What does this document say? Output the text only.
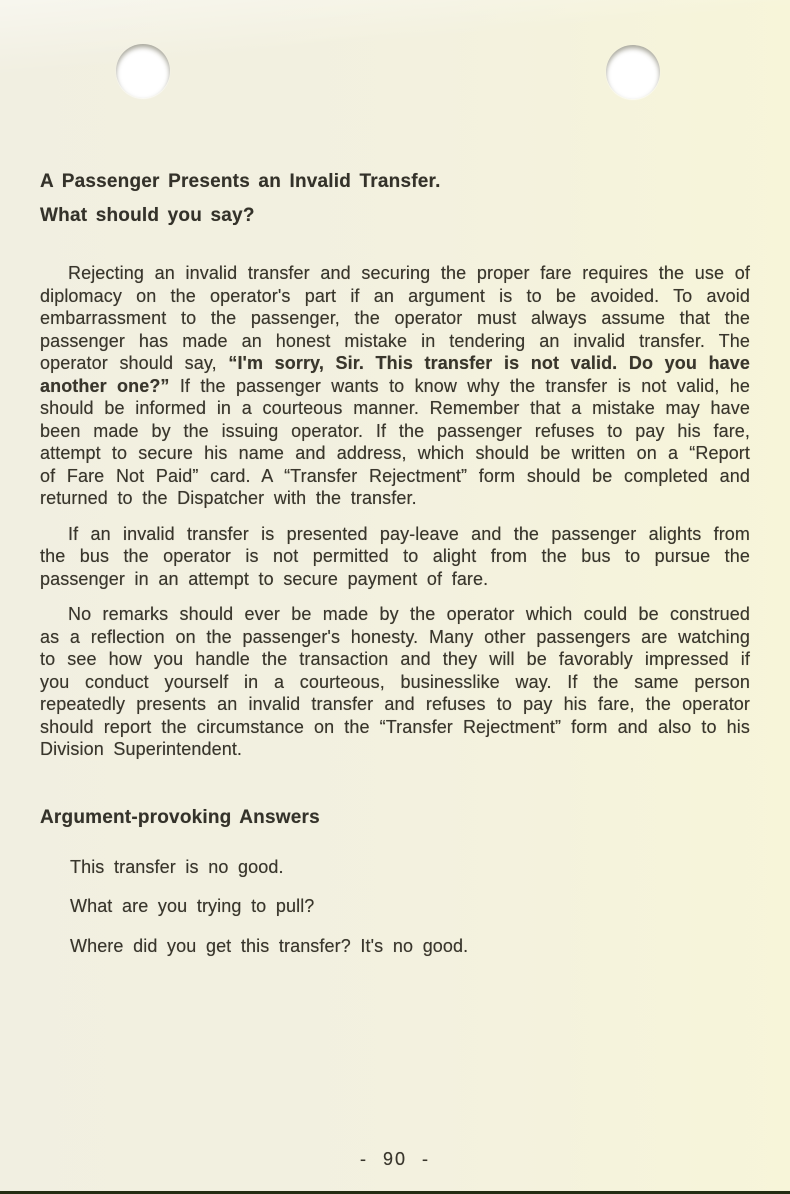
A Passenger Presents an Invalid Transfer.
What should you say?

Rejecting an invalid transfer and securing the proper fare requires the use of diplomacy on the operator's part if an argument is to be avoided. To avoid embarrassment to the passenger, the operator must always assume that the passenger has made an honest mistake in tendering an invalid transfer. The operator should say, “I'm sorry, Sir. This transfer is not valid. Do you have another one?” If the passenger wants to know why the transfer is not valid, he should be informed in a courteous manner. Remember that a mistake may have been made by the issuing operator. If the passenger refuses to pay his fare, attempt to secure his name and address, which should be written on a “Report of Fare Not Paid” card. A “Transfer Rejectment” form should be completed and returned to the Dispatcher with the transfer.

If an invalid transfer is presented pay-leave and the passenger alights from the bus the operator is not permitted to alight from the bus to pursue the passenger in an attempt to secure payment of fare.

No remarks should ever be made by the operator which could be construed as a reflection on the passenger's honesty. Many other passengers are watching to see how you handle the transaction and they will be favorably impressed if you conduct yourself in a courteous, businesslike way. If the same person repeatedly presents an invalid transfer and refuses to pay his fare, the operator should report the circumstance on the “Transfer Rejectment” form and also to his Division Superintendent.

Argument-provoking Answers

This transfer is no good.

What are you trying to pull?

Where did you get this transfer? It's no good.

- 90 -
